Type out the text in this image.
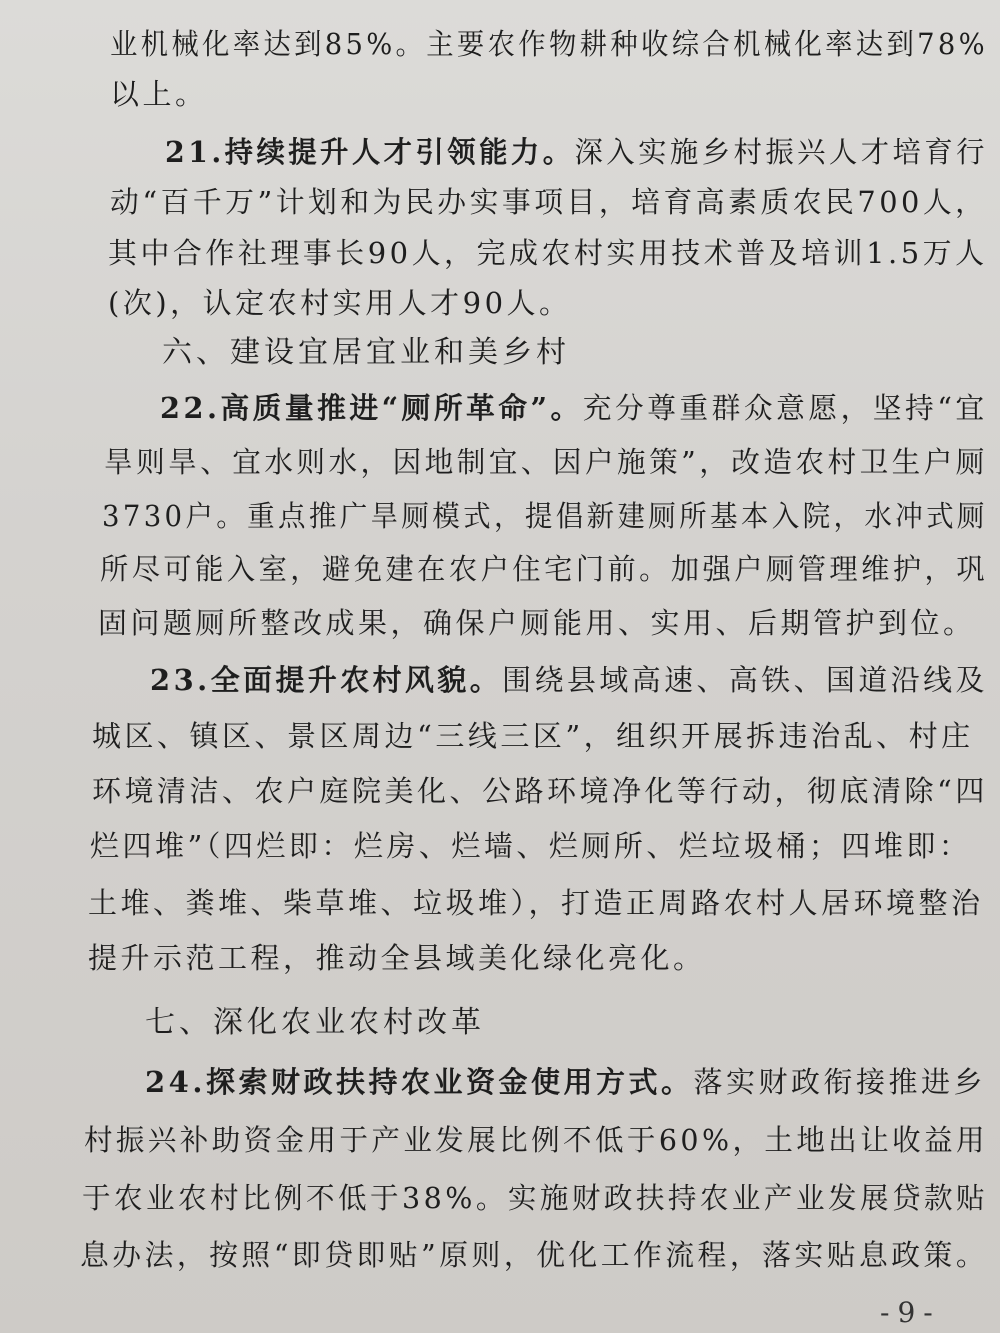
业机械化率达到85%。主要农作物耕种收综合机械化率达到78%
以上。
21.持续提升人才引领能力。深入实施乡村振兴人才培育行
动“百千万”计划和为民办实事项目，培育高素质农民700人，
其中合作社理事长90人，完成农村实用技术普及培训1.5万人
(次)，认定农村实用人才90人。
六、建设宜居宜业和美乡村
22.高质量推进“厕所革命”。充分尊重群众意愿，坚持“宜
旱则旱、宜水则水，因地制宜、因户施策”，改造农村卫生户厕
3730户。重点推广旱厕模式，提倡新建厕所基本入院，水冲式厕
所尽可能入室，避免建在农户住宅门前。加强户厕管理维护，巩
固问题厕所整改成果，确保户厕能用、实用、后期管护到位。
23.全面提升农村风貌。围绕县域高速、高铁、国道沿线及
城区、镇区、景区周边“三线三区”，组织开展拆违治乱、村庄
环境清洁、农户庭院美化、公路环境净化等行动，彻底清除“四
烂四堆”（四烂即：烂房、烂墙、烂厕所、烂垃圾桶；四堆即：
土堆、粪堆、柴草堆、垃圾堆），打造正周路农村人居环境整治
提升示范工程，推动全县域美化绿化亮化。
七、深化农业农村改革
24.探索财政扶持农业资金使用方式。落实财政衔接推进乡
村振兴补助资金用于产业发展比例不低于60%，土地出让收益用
于农业农村比例不低于38%。实施财政扶持农业产业发展贷款贴
息办法，按照“即贷即贴”原则，优化工作流程，落实贴息政策。
-9-
